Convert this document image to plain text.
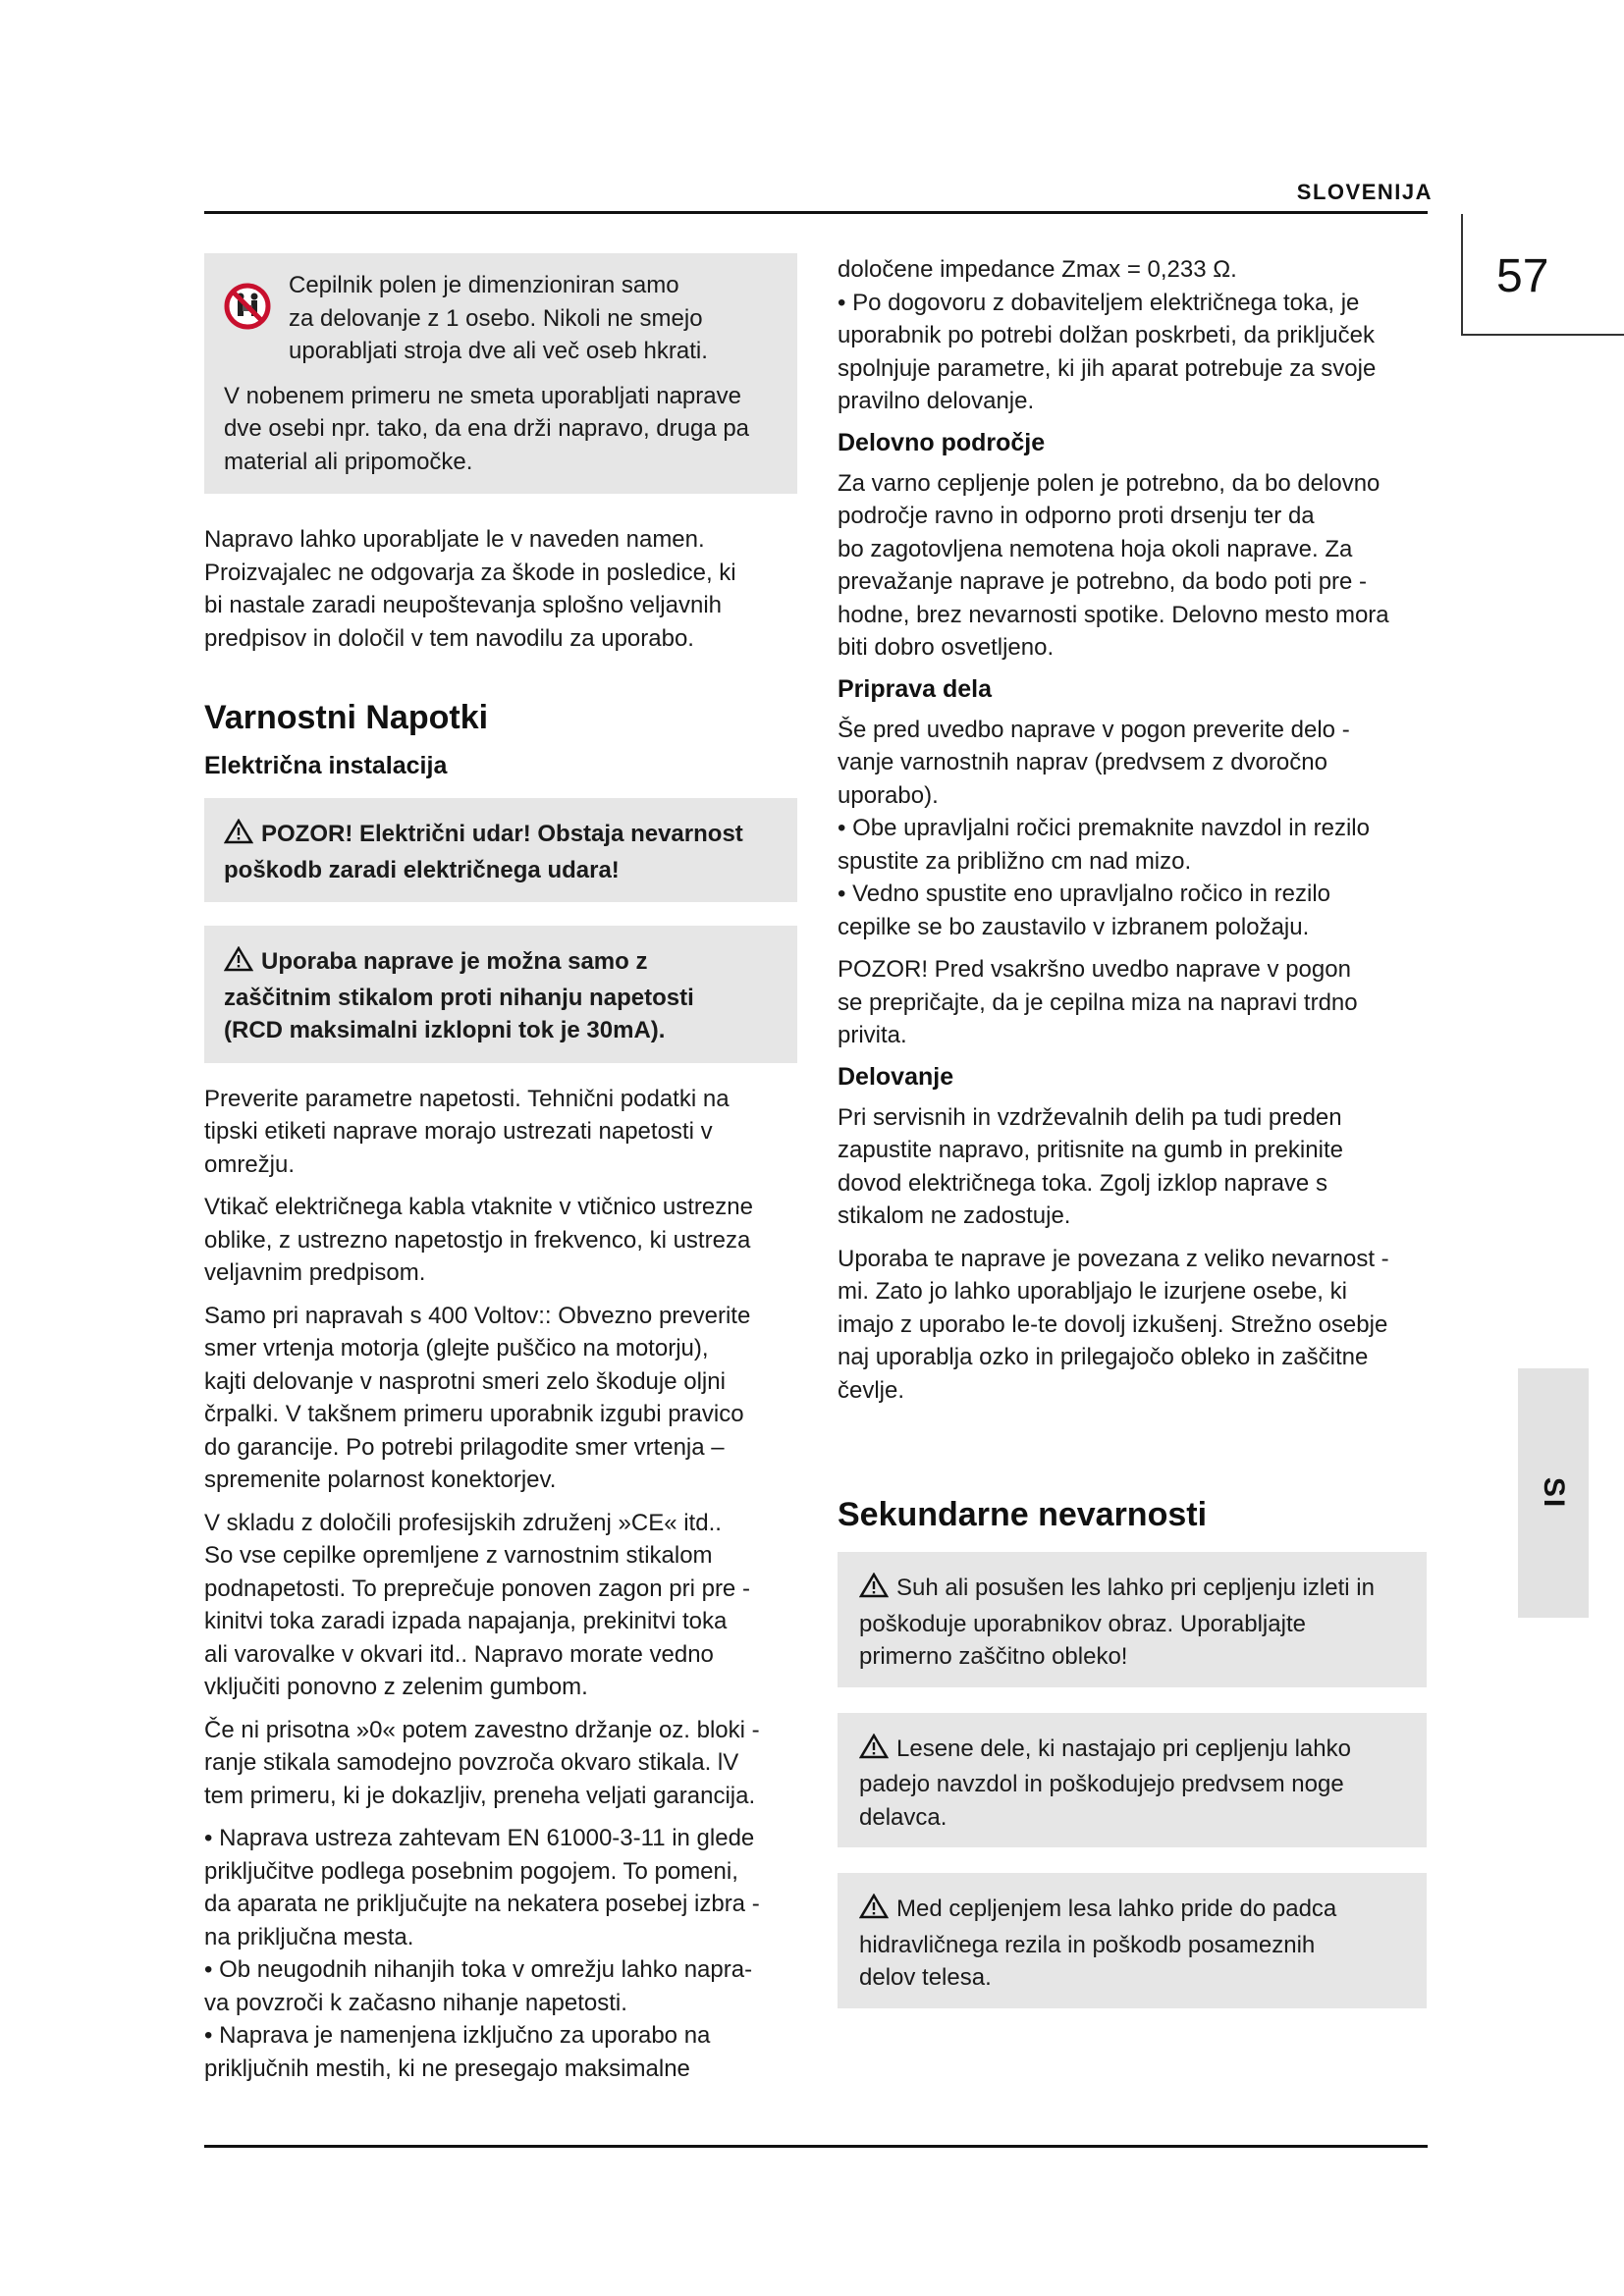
SLOVENIJA
57
SI

Cepilnik polen je dimenzioniran samo

za delovanje z 1 osebo. Nikoli ne smejo

uporabljati stroja dve ali več oseb hkrati.

V nobenem primeru ne smeta uporabljati naprave

dve osebi npr. tako, da ena drži napravo, druga pa

material ali pripomočke.

Napravo lahko uporabljate le v naveden namen.

Proizvajalec ne odgovarja za škode in posledice, ki

bi nastale zaradi neupoštevanja splošno veljavnih

predpisov in določil v tem navodilu za uporabo.

Varnostni Napotki
Električna instalacija

POZOR! Električni udar! Obstaja nevarnost

poškodb zaradi električnega udara!

Uporaba naprave je možna samo z

zaščitnim stikalom proti nihanju napetosti

(RCD maksimalni izklopni tok je 30mA).

Preverite parametre napetosti. Tehnični podatki na

tipski etiketi naprave morajo ustrezati napetosti v

omrežju.

Vtikač električnega kabla vtaknite v vtičnico ustrezne

oblike, z ustrezno napetostjo in frekvenco, ki ustreza

veljavnim predpisom.

Samo pri napravah s 400 Voltov:: Obvezno preverite

smer vrtenja motorja (glejte puščico na motorju),

kajti delovanje v nasprotni smeri zelo škoduje oljni

črpalki. V takšnem primeru uporabnik izgubi pravico

do garancije. Po potrebi prilagodite smer vrtenja –

spremenite polarnost konektorjev.

V skladu z določili profesijskih združenj »CE« itd..

So vse cepilke opremljene z varnostnim stikalom

podnapetosti. To preprečuje ponoven zagon pri pre -

kinitvi toka zaradi izpada napajanja, prekinitvi toka

ali varovalke v okvari itd.. Napravo morate vedno

vključiti ponovno z zelenim gumbom.

Če ni prisotna »0« potem zavestno držanje oz. bloki -

ranje stikala samodejno povzroča okvaro stikala. lV

tem primeru, ki je dokazljiv, preneha veljati garancija.

• Naprava ustreza zahtevam EN 61000-3-11 in glede

priključitve podlega posebnim pogojem. To pomeni,

da aparata ne priključujte na nekatera posebej izbra -

na priključna mesta.

• Ob neugodnih nihanjih toka v omrežju lahko napra-

va povzroči k začasno nihanje napetosti.

• Naprava je namenjena izključno za uporabo na

priključnih mestih, ki ne presegajo maksimalne

določene impedance Zmax = 0,233 Ω.

• Po dogovoru z dobaviteljem električnega toka, je

uporabnik po potrebi dolžan poskrbeti, da priključek

spolnjuje parametre, ki jih aparat potrebuje za svoje

pravilno delovanje.

Delovno področje

Za varno cepljenje polen je potrebno, da bo delovno

področje ravno in odporno proti drsenju ter da

bo zagotovljena nemotena hoja okoli naprave. Za

prevažanje naprave je potrebno, da bodo poti pre -

hodne, brez nevarnosti spotike. Delovno mesto mora

biti dobro osvetljeno.

Priprava dela

Še pred uvedbo naprave v pogon preverite delo -

vanje varnostnih naprav (predvsem z dvoročno

uporabo).

• Obe upravljalni ročici premaknite navzdol in rezilo

spustite za približno cm nad mizo.

• Vedno spustite eno upravljalno ročico in rezilo

cepilke se bo zaustavilo v izbranem položaju.

POZOR! Pred vsakršno uvedbo naprave v pogon

se prepričajte, da je cepilna miza na napravi trdno

privita.

Delovanje

Pri servisnih in vzdrževalnih delih pa tudi preden

zapustite napravo, pritisnite na gumb in prekinite

dovod električnega toka. Zgolj izklop naprave s

stikalom ne zadostuje.

Uporaba te naprave je povezana z veliko nevarnost -

mi. Zato jo lahko uporabljajo le izurjene osebe, ki

imajo z uporabo le-te dovolj izkušenj. Strežno osebje

naj uporablja ozko in prilegajočo obleko in zaščitne

čevlje.

Sekundarne nevarnosti

Suh ali posušen les lahko pri cepljenju izleti in

poškoduje uporabnikov obraz. Uporabljajte

primerno zaščitno obleko!

Lesene dele, ki nastajajo pri cepljenju lahko

padejo navzdol in poškodujejo predvsem noge

delavca.

Med cepljenjem lesa lahko pride do padca

hidravličnega rezila in poškodb posameznih

delov telesa.
